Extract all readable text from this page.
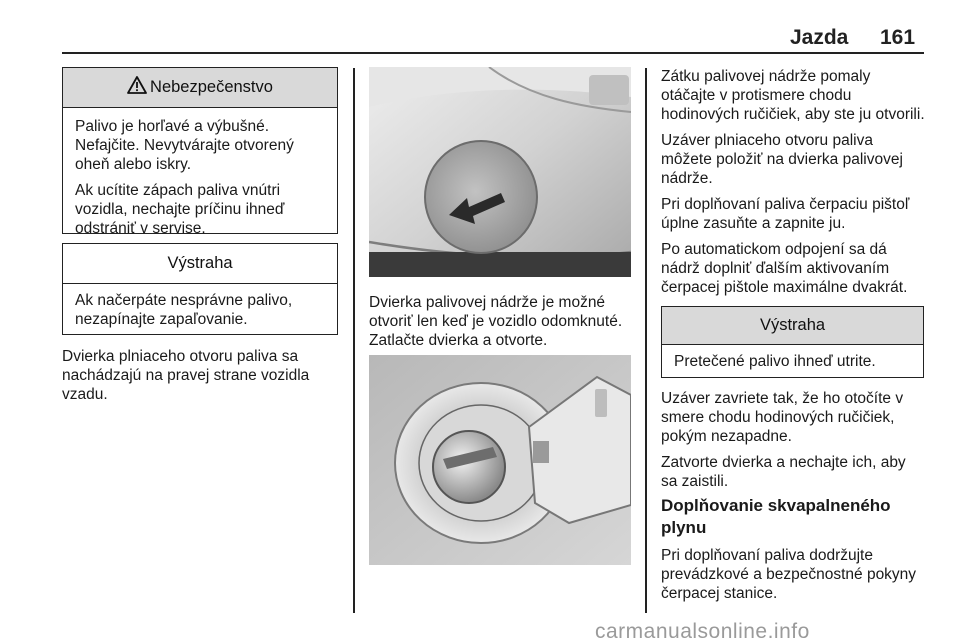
Jazda 161
Nebezpečenstvo

Palivo je horľavé a výbušné. Nefajčite. Nevytvárajte otvorený oheň alebo iskry.

Ak ucítite zápach paliva vnútri vozidla, nechajte príčinu ihneď odstrániť v servise.

Výstraha

Ak načerpáte nesprávne palivo, nezapínajte zapaľovanie.

Dvierka plniaceho otvoru paliva sa nachádzajú na pravej strane vozidla vzadu.

Dvierka palivovej nádrže je možné otvoriť len keď je vozidlo odomknuté. Zatlačte dvierka a otvorte.

Zátku palivovej nádrže pomaly otáčajte v protismere chodu hodinových ručičiek, aby ste ju otvorili.

Uzáver plniaceho otvoru paliva môžete položiť na dvierka palivovej nádrže.

Pri doplňovaní paliva čerpaciu pištoľ úplne zasuňte a zapnite ju.

Po automatickom odpojení sa dá nádrž doplniť ďalším aktivovaním čerpacej pištole maximálne dvakrát.

Výstraha

Pretečené palivo ihneď utrite.

Uzáver zavriete tak, že ho otočíte v smere chodu hodinových ručičiek, pokým nezapadne.

Zatvorte dvierka a nechajte ich, aby sa zaistili.

Doplňovanie skvapalneného plynu

Pri doplňovaní paliva dodržujte prevádzkové a bezpečnostné pokyny čerpacej stanice.

carmanualsonline.info
